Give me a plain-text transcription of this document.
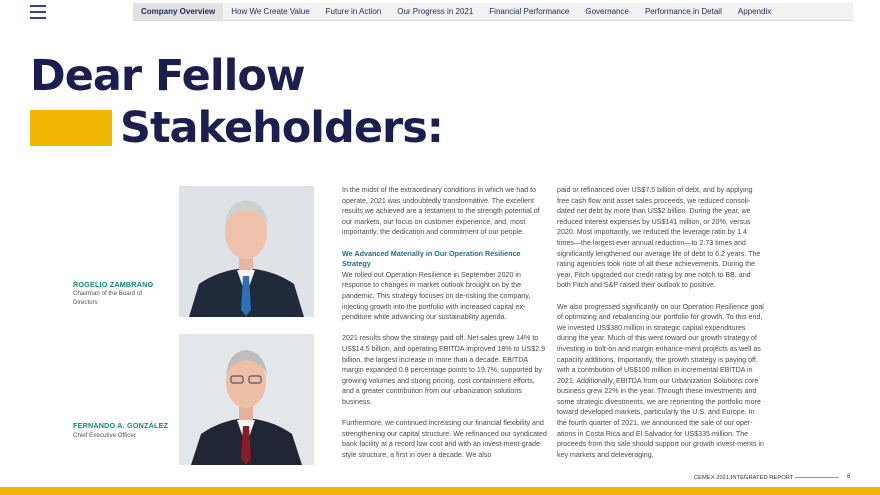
Company Overview	How We Create Value	Future in Action	Our Progress in 2021	Financial Performance	Governance	Performance in Detail	Appendix
Dear Fellow
Stakeholders:
ROGELIO ZAMBRANO
Chairman of the Board of Directors
FERNANDO A. GONZÁLEZ
Chief Executive Officer

In the midst of the extraordinary conditions in which we had to operate, 2021 was undoubtedly transformative. The excellent results we achieved are a testament to the strength potential of our markets, our focus on customer experience, and, most importantly, the dedication and commitment of our people.

We Advanced Materially in Our Operation Resilience Strategy

We rolled out Operation Resilience in September 2020 in response to changes in market outlook brought on by the pandemic. This strategy focuses on de-risking the company, injecting growth into the portfolio with increased capital ex-penditure while advancing our sustainability agenda.

2021 results show the strategy paid off. Net sales grew 14% to US$14.5 billion, and operating EBITDA improved 18% to US$2.9 billion, the largest increase in more than a decade. EBITDA margin expanded 0.8 percentage points to 19.7%, supported by growing volumes and strong pricing, cost containment efforts, and a greater contribution from our urbanization solutions business.

Furthermore, we continued increasing our financial flexibility and strengthening our capital structure. We refinanced our syndicated bank facility at a record low cost and with an invest-ment-grade style structure, a first in over a decade. We also

paid or refinanced over US$7.5 billion of debt, and by applying free cash flow and asset sales proceeds, we reduced consoli-dated net debt by more than US$2 billion. During the year, we reduced interest expenses by US$141 million, or 20%, versus 2020. Most importantly, we reduced the leverage ratio by 1.4 times—the largest ever annual reduction—to 2.73 times and significantly lengthened our average life of debt to 6.2 years. The rating agencies took note of all these achievements. During the year, Fitch upgraded our credit rating by one notch to BB, and both Fitch and S&P raised their outlook to positive.

We also progressed significantly on our Operation Resilience goal of optimizing and rebalancing our portfolio for growth. To this end, we invested US$380 million in strategic capital expenditures during the year. Much of this went toward our growth strategy of investing in bolt-on and margin enhance-ment projects as well as capacity additions. Importantly, the growth strategy is paying off, with a contribution of US$100 million in incremental EBITDA in 2021. Additionally, EBITDA from our Urbanization Solutions core business grew 22% in the year. Through these investments and some strategic divestments, we are reorienting the portfolio more toward developed markets, particularly the U.S. and Europe. In the fourth quarter of 2021, we announced the sale of our oper-ations in Costa Rica and El Salvador for US$335 million. The proceeds from this sale should support our growth invest-ments in key markets and deleveraging.

CEMEX 2021 INTEGRATED REPORT	6
